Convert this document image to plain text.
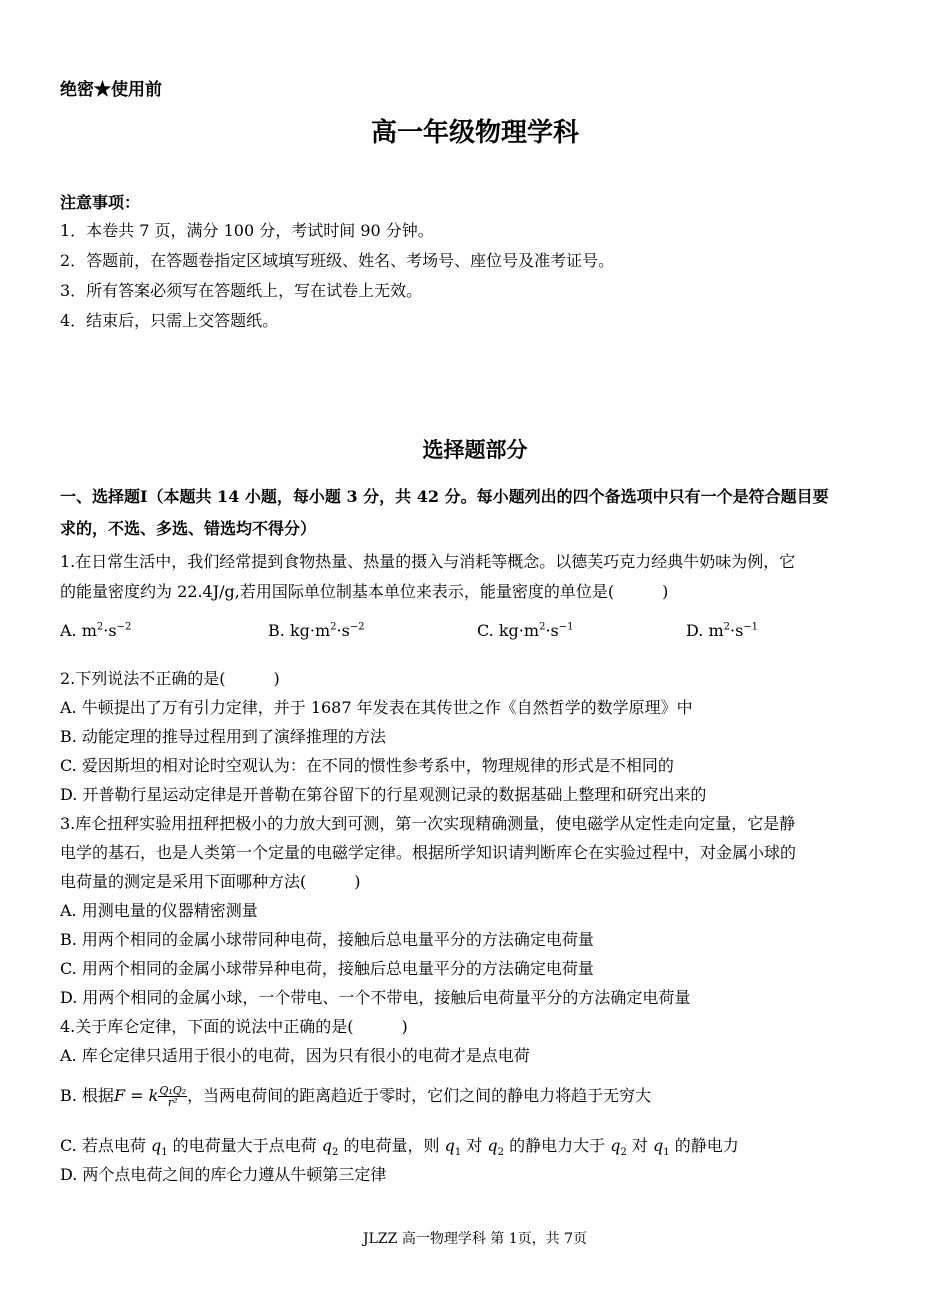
绝密★使用前
高一年级物理学科
注意事项：
1．本卷共 7 页，满分 100 分，考试时间 90 分钟。
2．答题前，在答题卷指定区域填写班级、姓名、考场号、座位号及准考证号。
3．所有答案必须写在答题纸上，写在试卷上无效。
4．结束后，只需上交答题纸。
选择题部分
一、选择题Ⅰ（本题共 14 小题，每小题 3 分，共 42 分。每小题列出的四个备选项中只有一个是符合题目要
求的，不选、多选、错选均不得分）
1.在日常生活中，我们经常提到食物热量、热量的摄入与消耗等概念。以德芙巧克力经典牛奶味为例，它
的能量密度约为 22.4J/g,若用国际单位制基本单位来表示，能量密度的单位是(　　　)
A. $m^2\cdot s^{-2}$	B. $kg\cdot m^2\cdot s^{-2}$	C. $kg\cdot m^2\cdot s^{-1}$	D. $m^2\cdot s^{-1}$
2.下列说法不正确的是(　　　)
A. 牛顿提出了万有引力定律，并于 1687 年发表在其传世之作《自然哲学的数学原理》中
B. 动能定理的推导过程用到了演绎推理的方法
C. 爱因斯坦的相对论时空观认为：在不同的惯性参考系中，物理规律的形式是不相同的
D. 开普勒行星运动定律是开普勒在第谷留下的行星观测记录的数据基础上整理和研究出来的
3.库仑扭秤实验用扭秤把极小的力放大到可测，第一次实现精确测量，使电磁学从定性走向定量，它是静
电学的基石，也是人类第一个定量的电磁学定律。根据所学知识请判断库仑在实验过程中，对金属小球的
电荷量的测定是采用下面哪种方法(　　　)
A. 用测电量的仪器精密测量
B. 用两个相同的金属小球带同种电荷，接触后总电量平分的方法确定电荷量
C. 用两个相同的金属小球带异种电荷，接触后总电量平分的方法确定电荷量
D. 用两个相同的金属小球，一个带电、一个不带电，接触后电荷量平分的方法确定电荷量
4.关于库仑定律，下面的说法中正确的是(　　　)
A. 库仑定律只适用于很小的电荷，因为只有很小的电荷才是点电荷
B. 根据F = k $\frac{\text{Q₁Q₂}}{\text{r²}}$ ，当两电荷间的距离趋近于零时，它们之间的静电力将趋于无穷大
C. 若点电荷 $q_1$ 的电荷量大于点电荷 $q_2$ 的电荷量，则 $q_1$ 对 $q_2$ 的静电力大于 $q_2$ 对 $q_1$ 的静电力
D. 两个点电荷之间的库仑力遵从牛顿第三定律
JLZZ 高一物理学科 第 1页，共 7页
